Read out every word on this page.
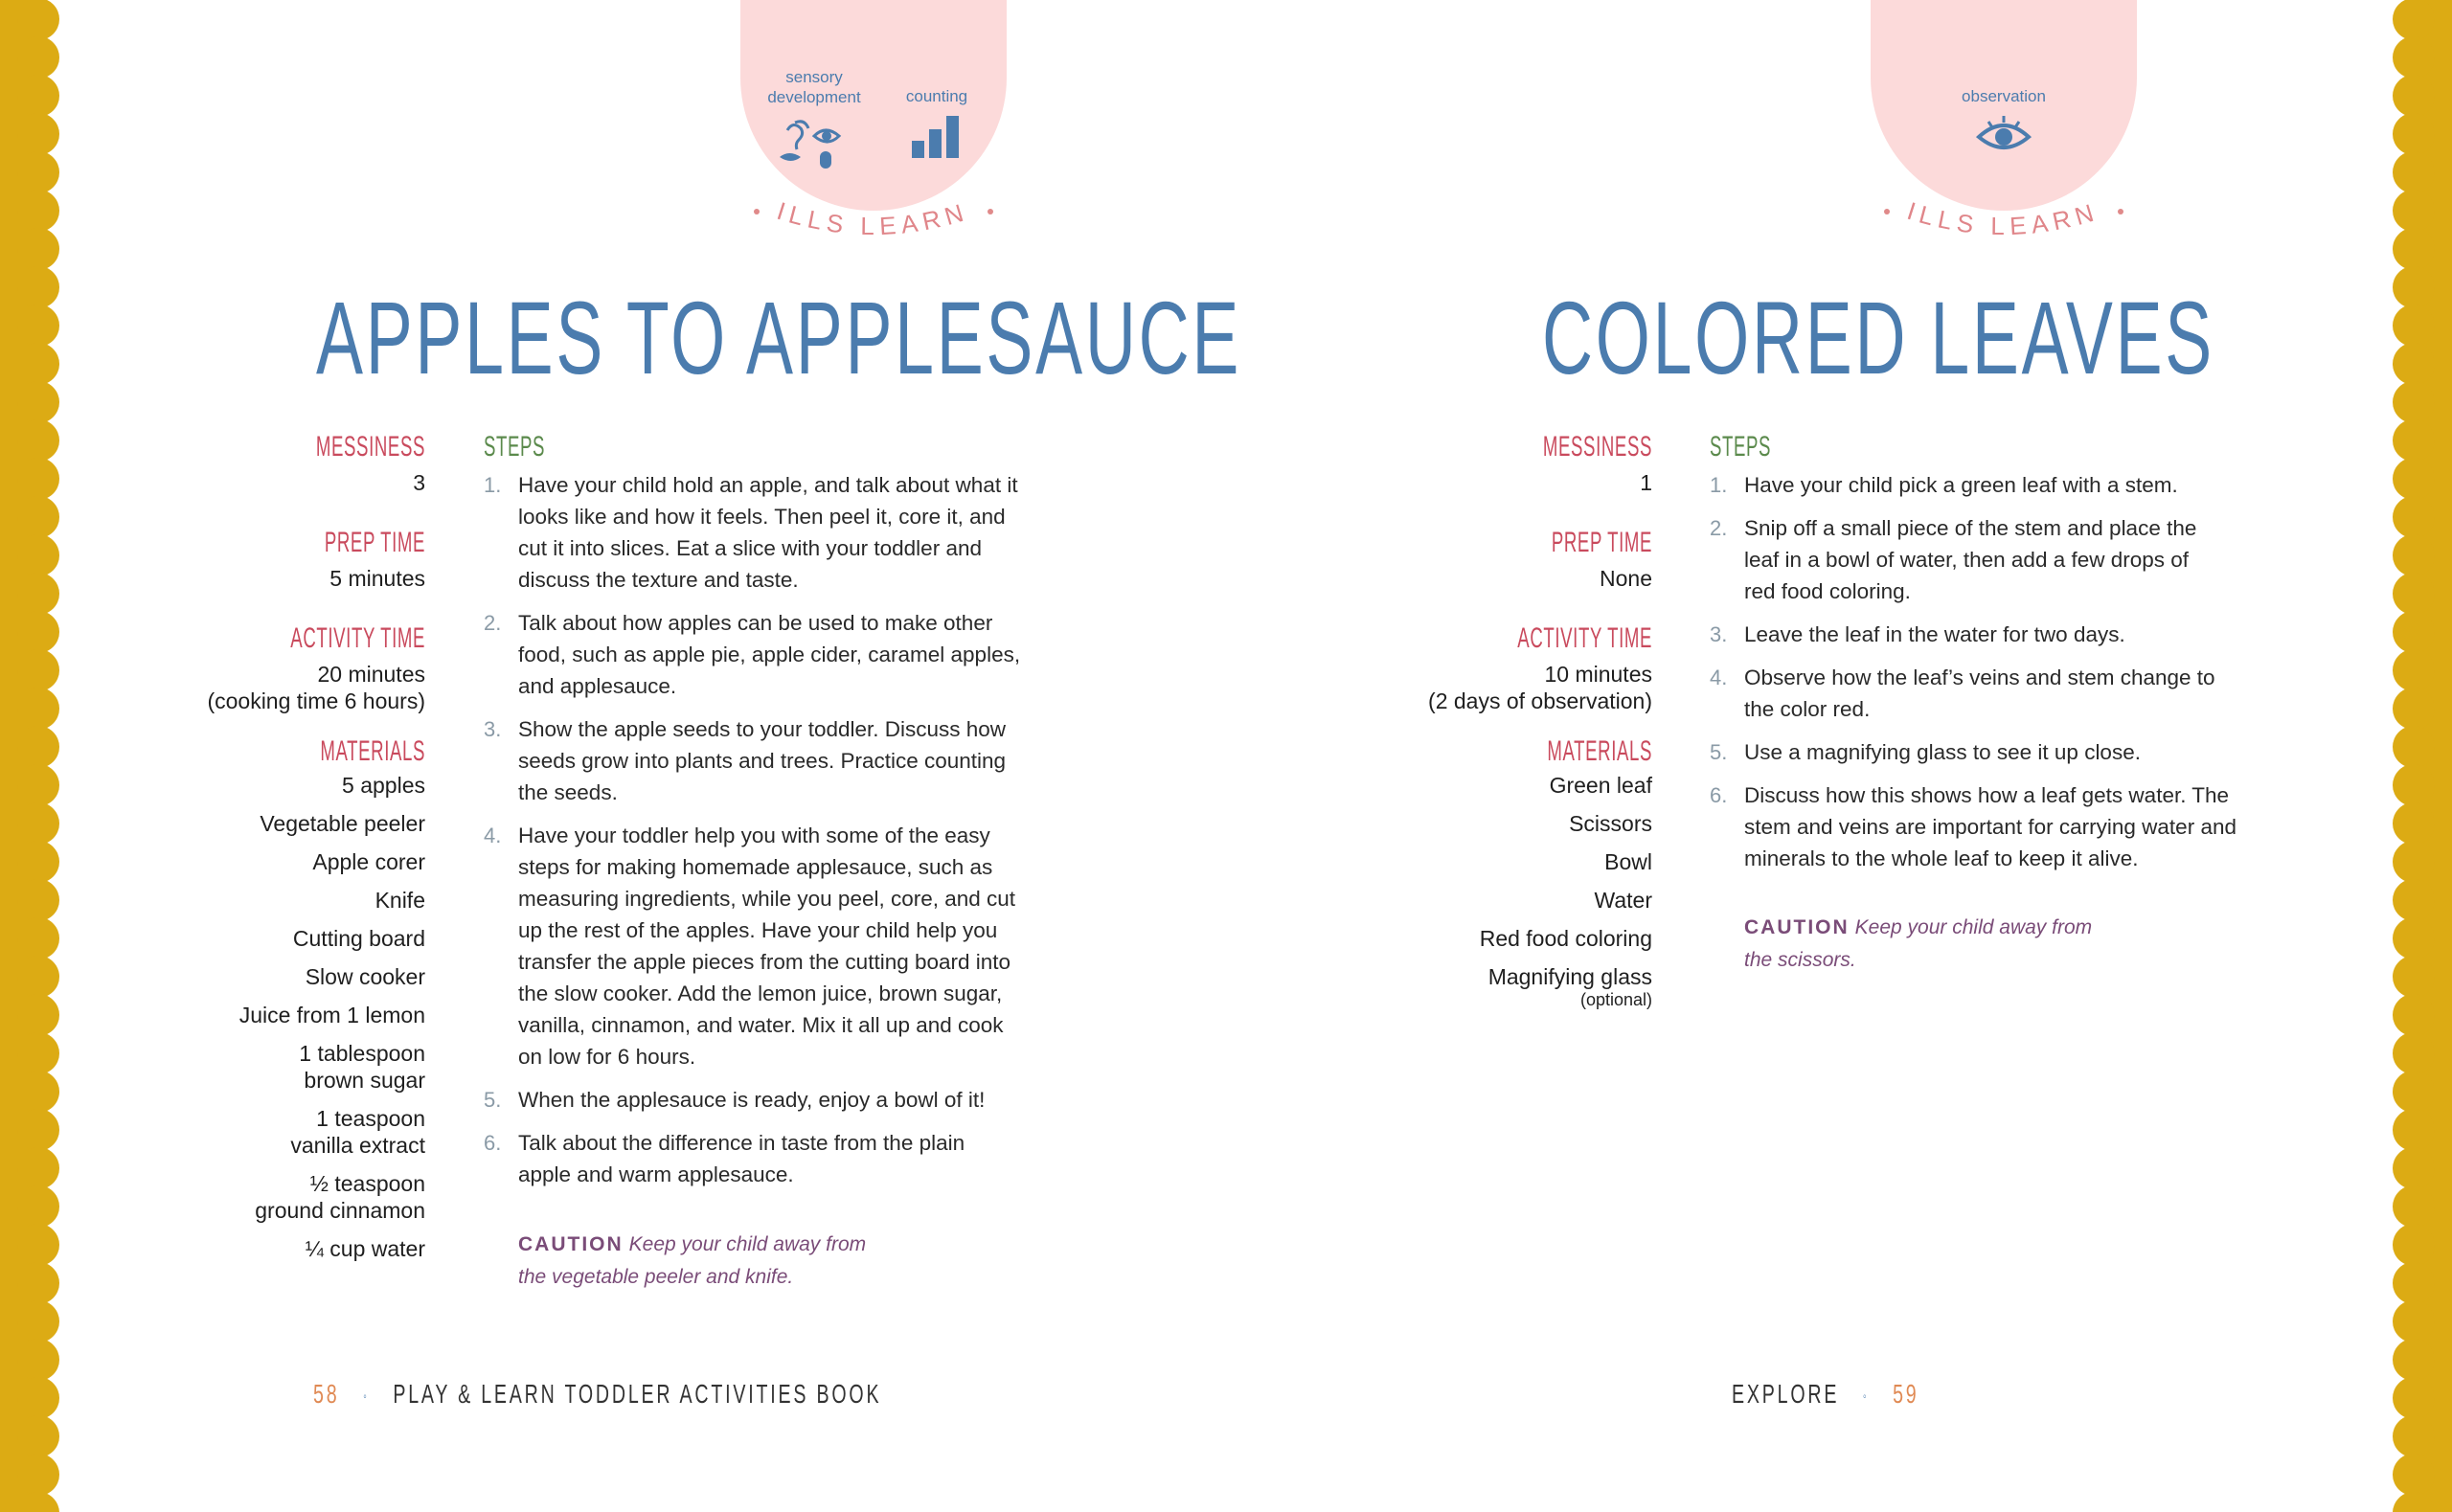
sensory development	counting
ILLS LEARN
APPLES TO APPLESAUCE

MESSINESS

3

PREP TIME

5 minutes

ACTIVITY TIME

20 minutes

(cooking time 6 hours)

MATERIALS

5 apples

Vegetable peeler

Apple corer

Knife

Cutting board

Slow cooker

Juice from 1 lemon

1 tablespoon
brown sugar

1 teaspoon
vanilla extract

½ teaspoon
ground cinnamon

¼ cup water

STEPS

1. Have your child hold an apple, and talk about what it
looks like and how it feels. Then peel it, core it, and
cut it into slices. Eat a slice with your toddler and
discuss the texture and taste.
2. Talk about how apples can be used to make other
food, such as apple pie, apple cider, caramel apples,
and applesauce.
3. Show the apple seeds to your toddler. Discuss how
seeds grow into plants and trees. Practice counting
the seeds.
4. Have your toddler help you with some of the easy
steps for making homemade applesauce, such as
measuring ingredients, while you peel, core, and cut
up the rest of the apples. Have your child help you
transfer the apple pieces from the cutting board into
the slow cooker. Add the lemon juice, brown sugar,
vanilla, cinnamon, and water. Mix it all up and cook
on low for 6 hours.
5. When the applesauce is ready, enjoy a bowl of it!
6. Talk about the difference in taste from the plain
apple and warm applesauce.
CAUTION Keep your child away from
the vegetable peeler and knife.
58    ◦    PLAY & LEARN TODDLER ACTIVITIES BOOK
observation
ILLS LEARN
COLORED LEAVES

MESSINESS

1

PREP TIME

None

ACTIVITY TIME

10 minutes

(2 days of observation)

MATERIALS

Green leaf

Scissors

Bowl

Water

Red food coloring

Magnifying glass
(optional)

STEPS

1. Have your child pick a green leaf with a stem.
2. Snip off a small piece of the stem and place the
leaf in a bowl of water, then add a few drops of
red food coloring.
3. Leave the leaf in the water for two days.
4. Observe how the leaf’s veins and stem change to
the color red.
5. Use a magnifying glass to see it up close.
6. Discuss how this shows how a leaf gets water. The
stem and veins are important for carrying water and
minerals to the whole leaf to keep it alive.
CAUTION Keep your child away from
the scissors.
EXPLORE    ◦    59
